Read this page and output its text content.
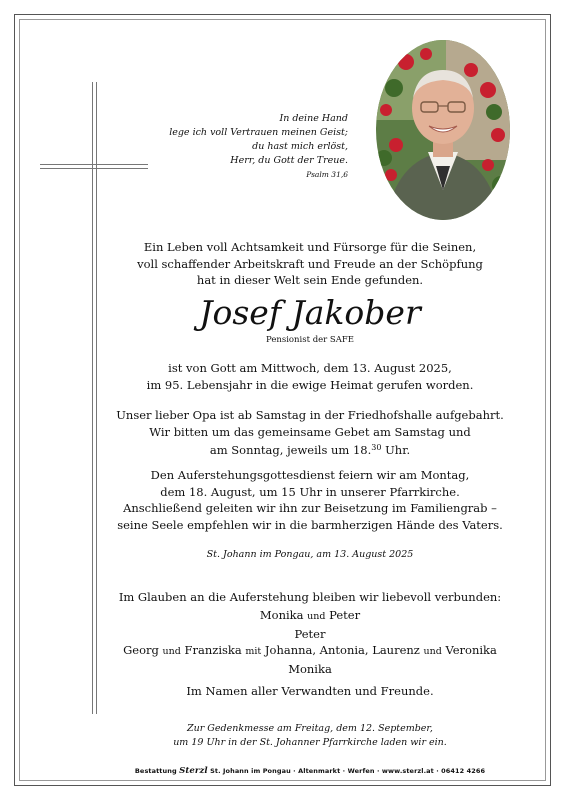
In deine Hand
lege ich voll Vertrauen meinen Geist;
du hast mich erlöst,
Herr, du Gott der Treue.
Psalm 31,6
Ein Leben voll Achtsamkeit und Fürsorge für die Seinen,
voll schaffender Arbeitskraft und Freude an der Schöpfung
hat in dieser Welt sein Ende gefunden.
Josef Jakober
Pensionist der SAFE
ist von Gott am Mittwoch, dem 13. August 2025,
im 95. Lebensjahr in die ewige Heimat gerufen worden.
Unser lieber Opa ist ab Samstag in der Friedhofshalle aufgebahrt.
Wir bitten um das gemeinsame Gebet am Samstag und
am Sonntag, jeweils um 18.30 Uhr.
Den Auferstehungsgottesdienst feiern wir am Montag,
dem 18. August, um 15 Uhr in unserer Pfarrkirche.
Anschließend geleiten wir ihn zur Beisetzung im Familiengrab –
seine Seele empfehlen wir in die barmherzigen Hände des Vaters.
St. Johann im Pongau, am 13. August 2025
Im Glauben an die Auferstehung bleiben wir liebevoll verbunden:
Monika und Peter
Peter
Georg und Franziska mit Johanna, Antonia, Laurenz und Veronika
Monika
Im Namen aller Verwandten und Freunde.
Zur Gedenkmesse am Freitag, dem 12. September,
um 19 Uhr in der St. Johanner Pfarrkirche laden wir ein.
Bestattung Sterzl St. Johann im Pongau · Altenmarkt · Werfen · www.sterzl.at · 06412 4266
